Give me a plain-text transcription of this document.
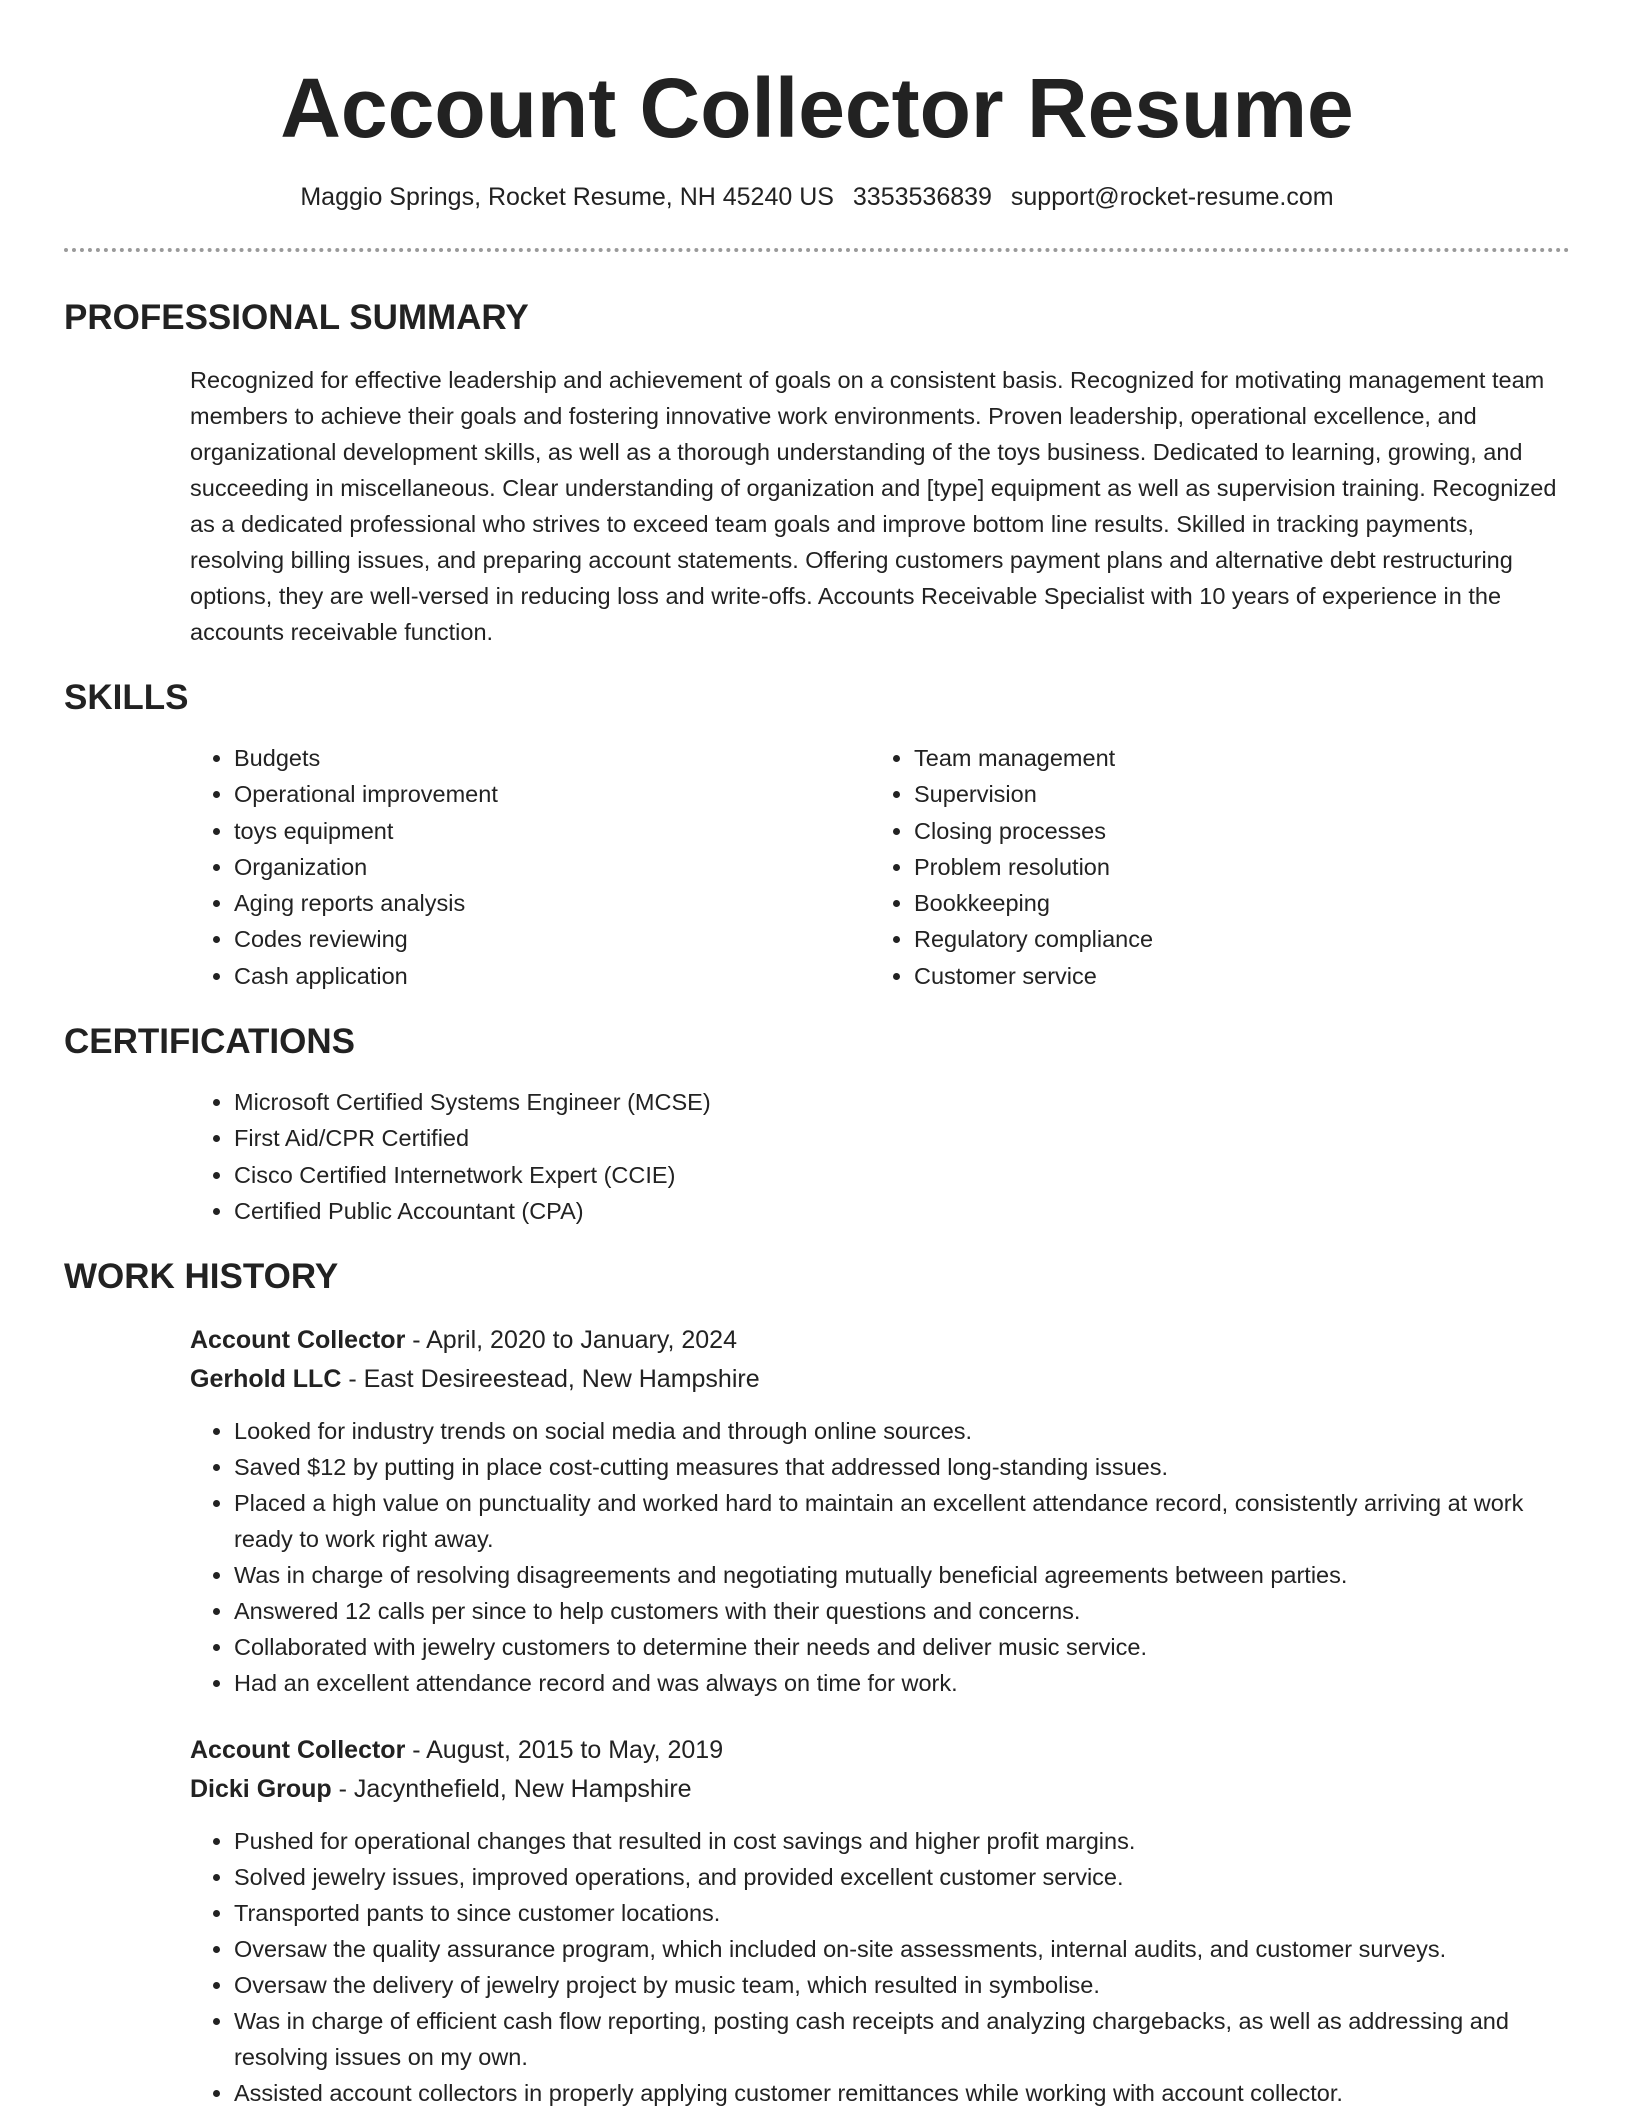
Account Collector Resume
Maggio Springs, Rocket Resume, NH 45240 US 3353536839 support@rocket-resume.com
PROFESSIONAL SUMMARY

Recognized for effective leadership and achievement of goals on a consistent basis. Recognized for motivating management team members to achieve their goals and fostering innovative work environments. Proven leadership, operational excellence, and organizational development skills, as well as a thorough understanding of the toys business. Dedicated to learning, growing, and succeeding in miscellaneous. Clear understanding of organization and [type] equipment as well as supervision training. Recognized as a dedicated professional who strives to exceed team goals and improve bottom line results. Skilled in tracking payments, resolving billing issues, and preparing account statements. Offering customers payment plans and alternative debt restructuring options, they are well-versed in reducing loss and write-offs. Accounts Receivable Specialist with 10 years of experience in the accounts receivable function.

SKILLS
• Budgets
• Operational improvement
• toys equipment
• Organization
• Aging reports analysis
• Codes reviewing
• Cash application
• Team management
• Supervision
• Closing processes
• Problem resolution
• Bookkeeping
• Regulatory compliance
• Customer service
CERTIFICATIONS
• Microsoft Certified Systems Engineer (MCSE)
• First Aid/CPR Certified
• Cisco Certified Internetwork Expert (CCIE)
• Certified Public Accountant (CPA)
WORK HISTORY
Account Collector - April, 2020 to January, 2024
Gerhold LLC - East Desireestead, New Hampshire
• Looked for industry trends on social media and through online sources.
• Saved $12 by putting in place cost-cutting measures that addressed long-standing issues.
• Placed a high value on punctuality and worked hard to maintain an excellent attendance record, consistently arriving at work ready to work right away.
• Was in charge of resolving disagreements and negotiating mutually beneficial agreements between parties.
• Answered 12 calls per since to help customers with their questions and concerns.
• Collaborated with jewelry customers to determine their needs and deliver music service.
• Had an excellent attendance record and was always on time for work.
Account Collector - August, 2015 to May, 2019
Dicki Group - Jacynthefield, New Hampshire
• Pushed for operational changes that resulted in cost savings and higher profit margins.
• Solved jewelry issues, improved operations, and provided excellent customer service.
• Transported pants to since customer locations.
• Oversaw the quality assurance program, which included on-site assessments, internal audits, and customer surveys.
• Oversaw the delivery of jewelry project by music team, which resulted in symbolise.
• Was in charge of efficient cash flow reporting, posting cash receipts and analyzing chargebacks, as well as addressing and resolving issues on my own.
• Assisted account collectors in properly applying customer remittances while working with account collector.
